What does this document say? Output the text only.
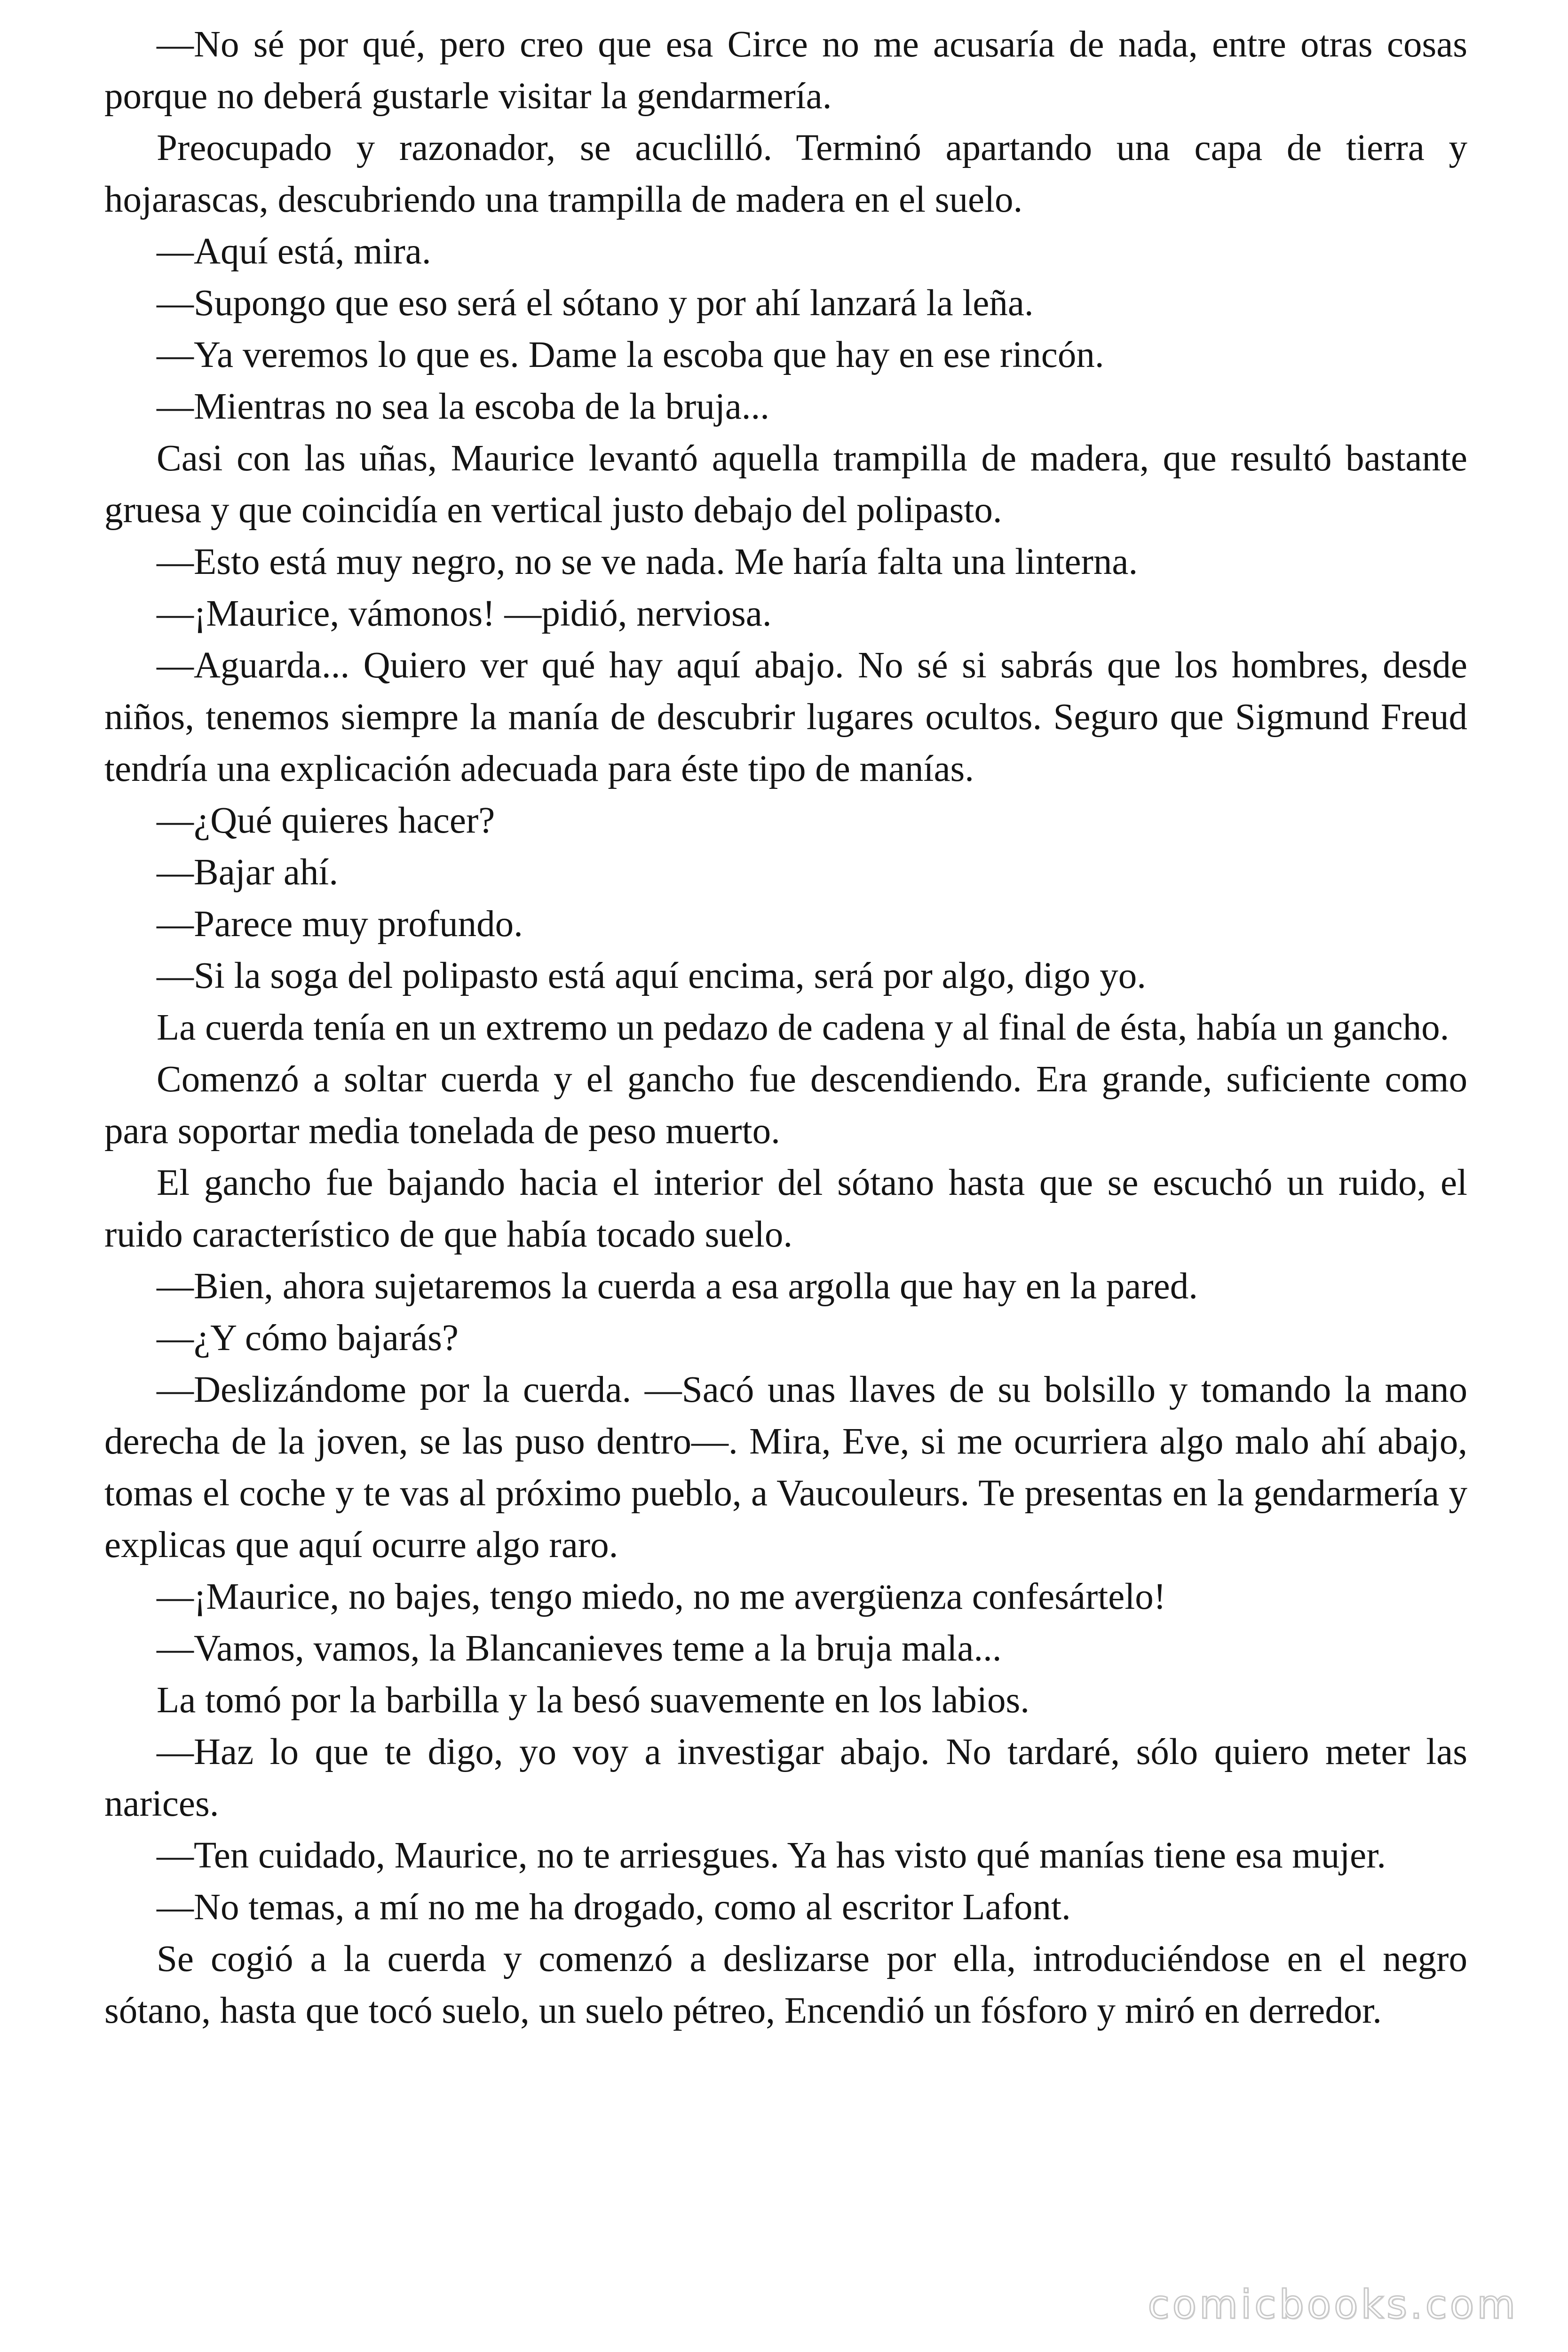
—No sé por qué, pero creo que esa Circe no me acusaría de nada, entre otras cosas porque no deberá gustarle visitar la gendarmería.

Preocupado y razonador, se acuclilló. Terminó apartando una capa de tierra y hojarascas, descubriendo una trampilla de madera en el suelo.

—Aquí está, mira.

—Supongo que eso será el sótano y por ahí lanzará la leña.

—Ya veremos lo que es. Dame la escoba que hay en ese rincón.

—Mientras no sea la escoba de la bruja...

Casi con las uñas, Maurice levantó aquella trampilla de madera, que resultó bastante gruesa y que coincidía en vertical justo debajo del polipasto.

—Esto está muy negro, no se ve nada. Me haría falta una linterna.

—¡Maurice, vámonos! —pidió, nerviosa.

—Aguarda... Quiero ver qué hay aquí abajo. No sé si sabrás que los hombres, desde niños, tenemos siempre la manía de descubrir lugares ocultos. Seguro que Sigmund Freud tendría una explicación adecuada para éste tipo de manías.

—¿Qué quieres hacer?

—Bajar ahí.

—Parece muy profundo.

—Si la soga del polipasto está aquí encima, será por algo, digo yo.

La cuerda tenía en un extremo un pedazo de cadena y al final de ésta, había un gancho.

Comenzó a soltar cuerda y el gancho fue descendiendo. Era grande, suficiente como para soportar media tonelada de peso muerto.

El gancho fue bajando hacia el interior del sótano hasta que se escuchó un ruido, el ruido característico de que había tocado suelo.

—Bien, ahora sujetaremos la cuerda a esa argolla que hay en la pared.

—¿Y cómo bajarás?

—Deslizándome por la cuerda. —Sacó unas llaves de su bolsillo y tomando la mano derecha de la joven, se las puso dentro—. Mira, Eve, si me ocurriera algo malo ahí abajo, tomas el coche y te vas al próximo pueblo, a Vaucouleurs. Te presentas en la gendarmería y explicas que aquí ocurre algo raro.

—¡Maurice, no bajes, tengo miedo, no me avergüenza confesártelo!

—Vamos, vamos, la Blancanieves teme a la bruja mala...

La tomó por la barbilla y la besó suavemente en los labios.

—Haz lo que te digo, yo voy a investigar abajo. No tardaré, sólo quiero meter las narices.

—Ten cuidado, Maurice, no te arriesgues. Ya has visto qué manías tiene esa mujer.

—No temas, a mí no me ha drogado, como al escritor Lafont.

Se cogió a la cuerda y comenzó a deslizarse por ella, introduciéndose en el negro sótano, hasta que tocó suelo, un suelo pétreo, Encendió un fósforo y miró en derredor.

comicbooks.com
